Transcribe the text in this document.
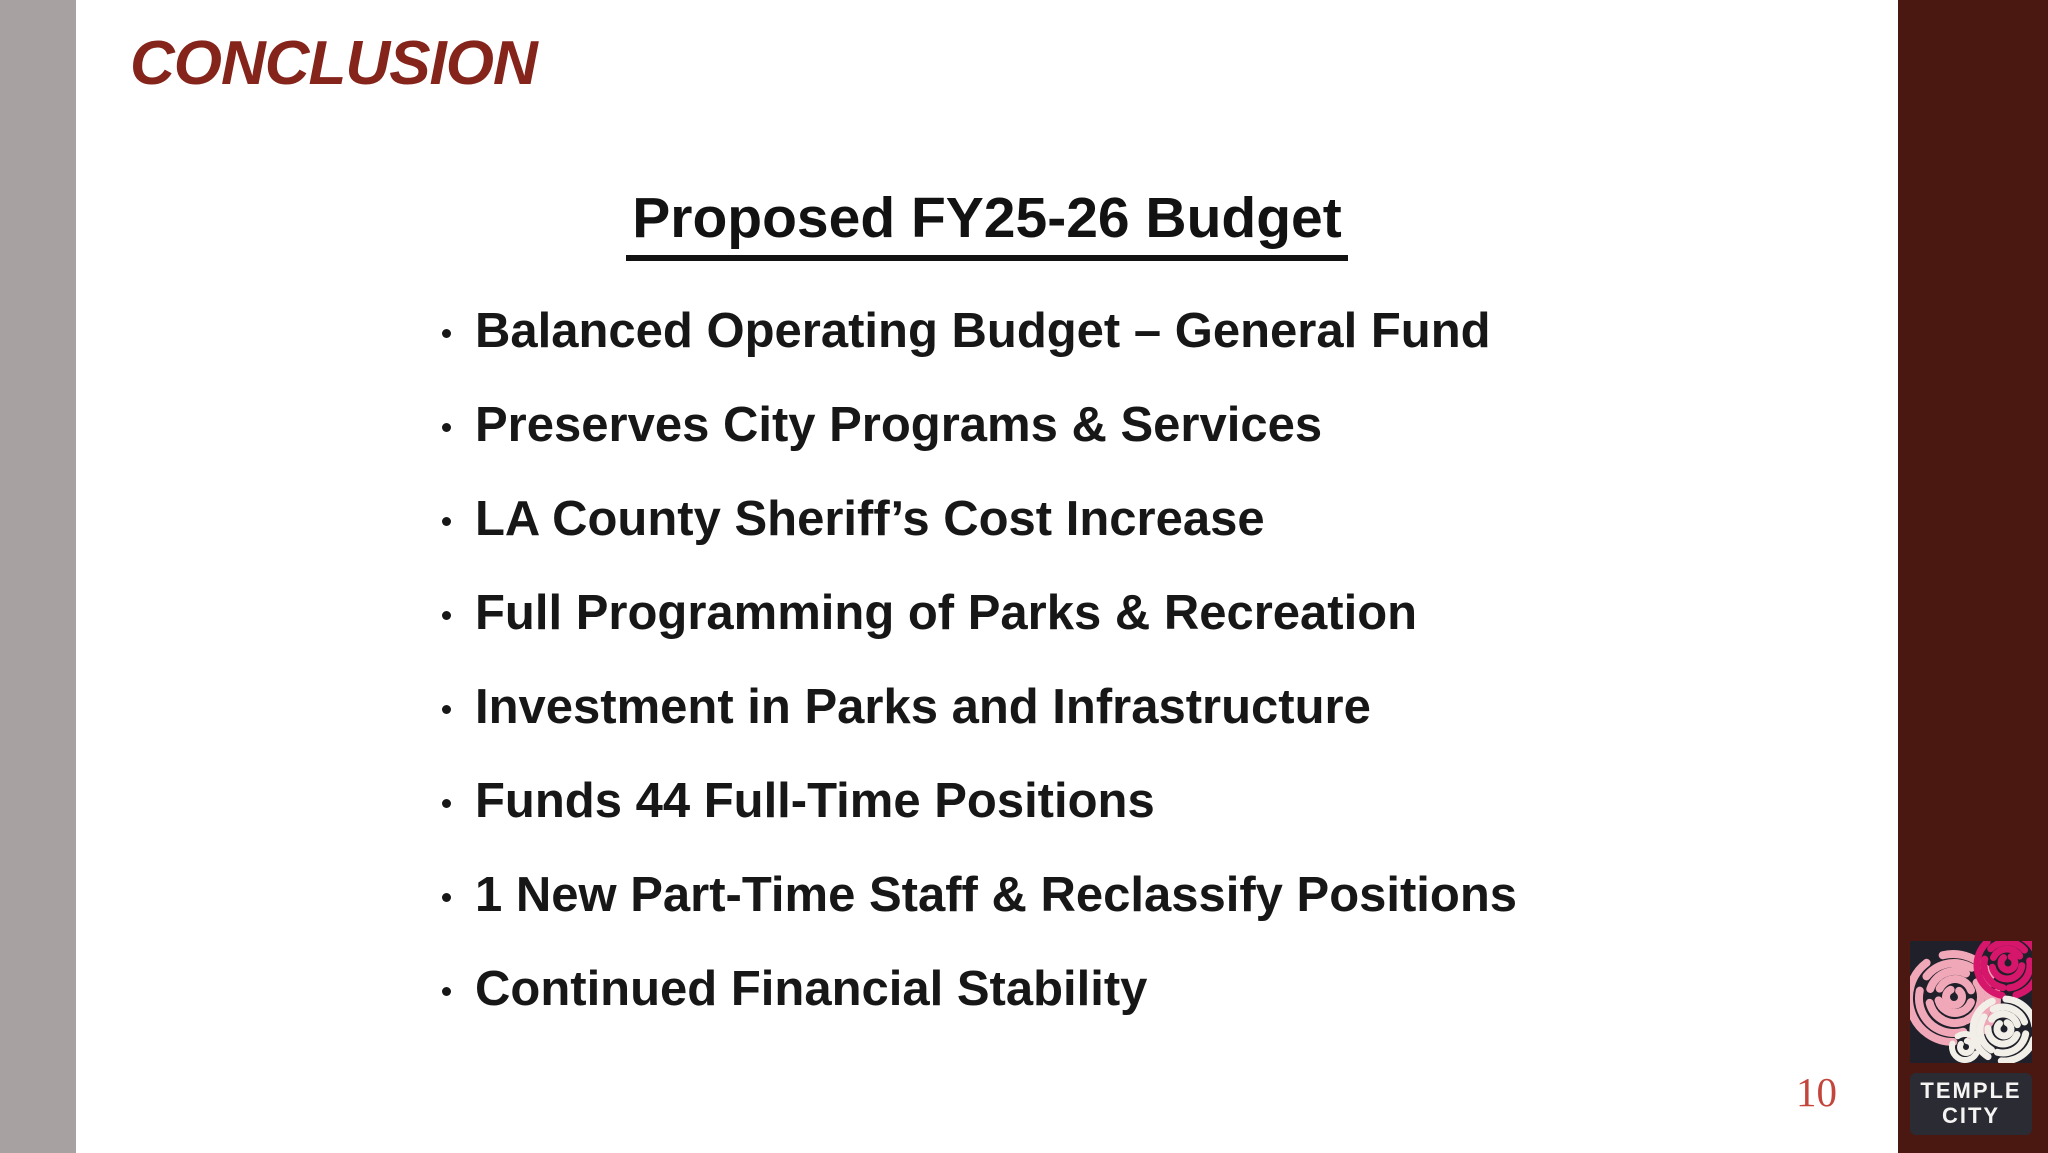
CONCLUSION
Proposed FY25-26 Budget
Balanced Operating Budget – General Fund
Preserves City Programs & Services
LA County Sheriff’s Cost Increase
Full Programming of Parks & Recreation
Investment in Parks and Infrastructure
Funds 44 Full-Time Positions
1 New Part-Time Staff & Reclassify Positions
Continued Financial Stability
10	TEMPLE
CITY
